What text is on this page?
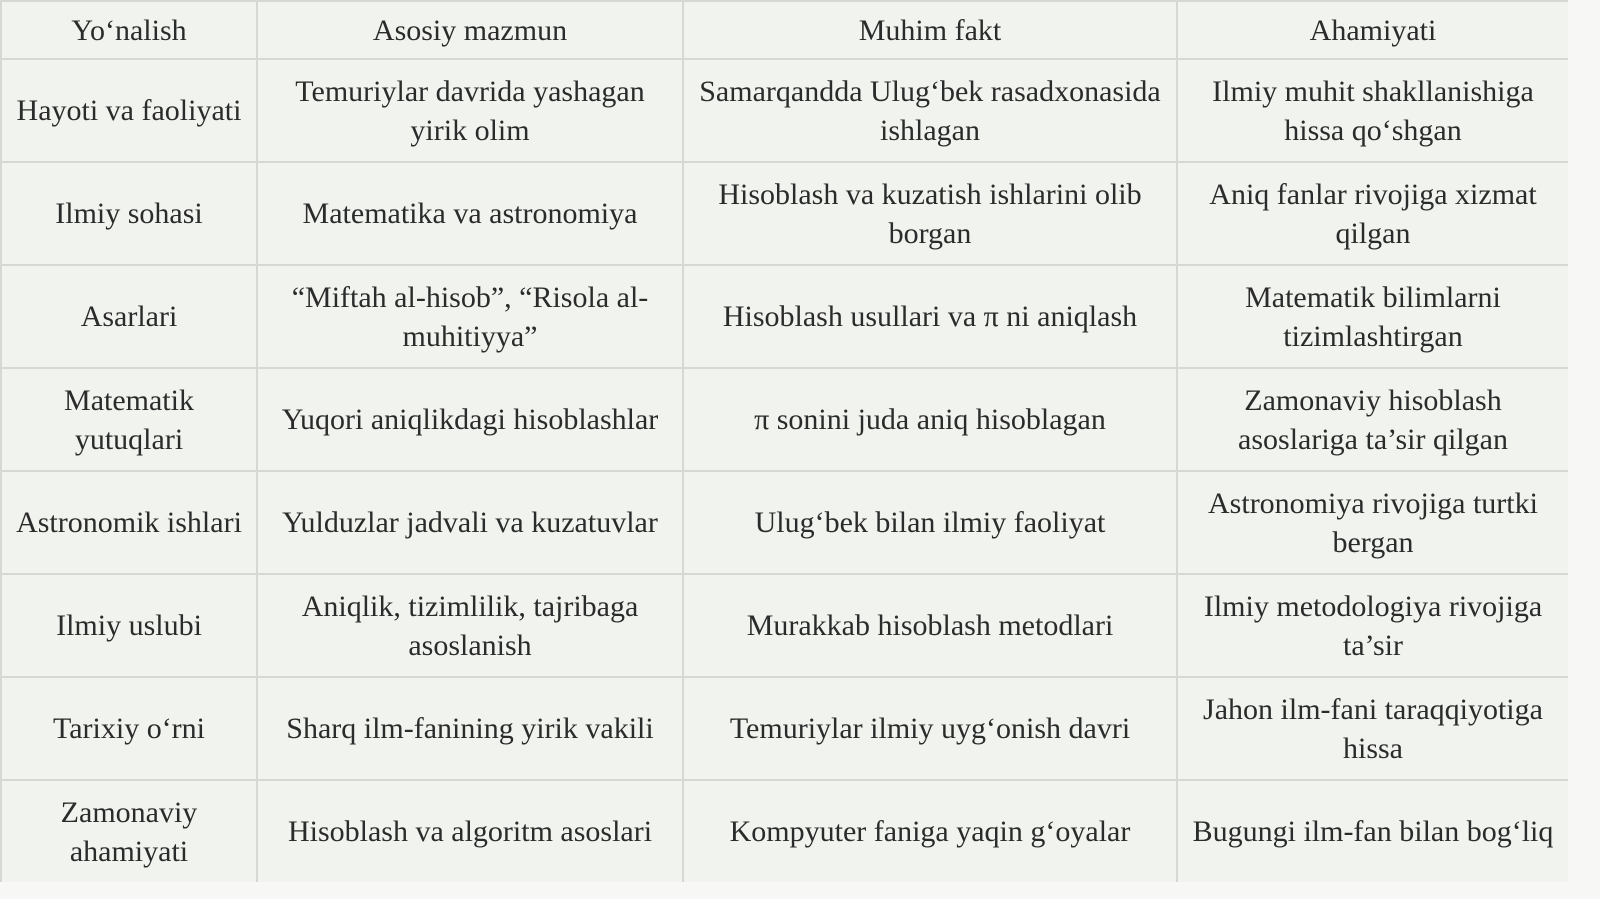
Yo‘nalish	Asosiy mazmun	Muhim fakt	Ahamiyati
Hayoti va faoliyati	Temuriylar davrida yashagan yirik olim	Samarqandda Ulug‘bek rasadxonasida ishlagan	Ilmiy muhit shakllanishiga hissa qo‘shgan
Ilmiy sohasi	Matematika va astronomiya	Hisoblash va kuzatish ishlarini olib borgan	Aniq fanlar rivojiga xizmat qilgan
Asarlari	“Miftah al-hisob”, “Risola al-muhitiyya”	Hisoblash usullari va π ni aniqlash	Matematik bilimlarni tizimlashtirgan
Matematik yutuqlari	Yuqori aniqlikdagi hisoblashlar	π sonini juda aniq hisoblagan	Zamonaviy hisoblash asoslariga ta’sir qilgan
Astronomik ishlari	Yulduzlar jadvali va kuzatuvlar	Ulug‘bek bilan ilmiy faoliyat	Astronomiya rivojiga turtki bergan
Ilmiy uslubi	Aniqlik, tizimlilik, tajribaga asoslanish	Murakkab hisoblash metodlari	Ilmiy metodologiya rivojiga ta’sir
Tarixiy o‘rni	Sharq ilm-fanining yirik vakili	Temuriylar ilmiy uyg‘onish davri	Jahon ilm-fani taraqqiyotiga hissa
Zamonaviy ahamiyati	Hisoblash va algoritm asoslari	Kompyuter faniga yaqin g‘oyalar	Bugungi ilm-fan bilan bog‘liq
